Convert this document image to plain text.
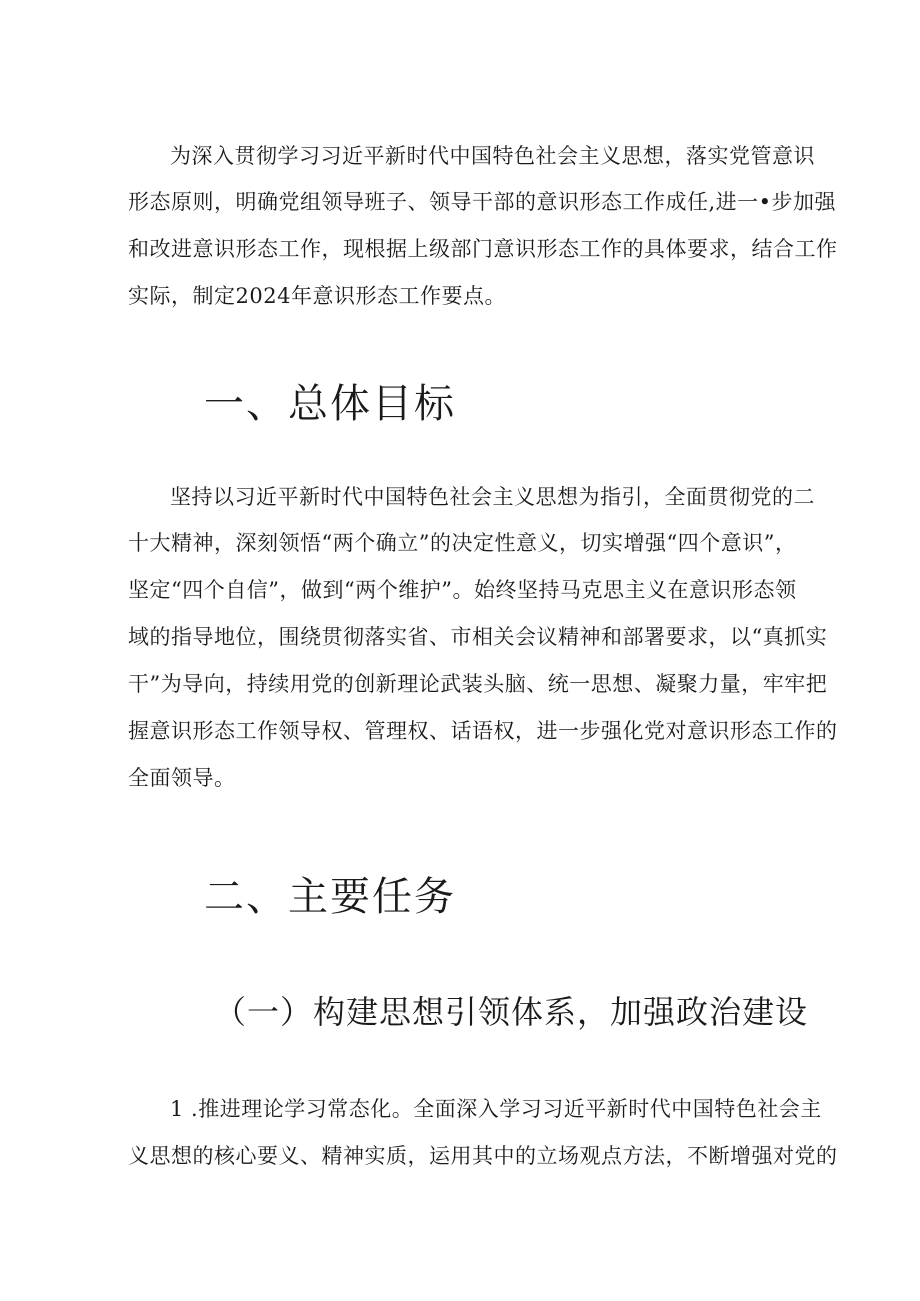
为深入贯彻学习习近平新时代中国特色社会主义思想，落实党管意识
形态原则，明确党组领导班子、领导干部的意识形态工作成任,进一•步加强
和改进意识形态工作，现根据上级部门意识形态工作的具体要求，结合工作
实际，制定2024年意识形态工作要点。
一、总体目标
坚持以习近平新时代中国特色社会主义思想为指引，全面贯彻党的二
十大精神，深刻领悟“两个确立”的决定性意义，切实增强“四个意识”，
坚定“四个自信”，做到“两个维护”。始终坚持马克思主义在意识形态领
域的指导地位，围绕贯彻落实省、市相关会议精神和部署要求，以“真抓实
干”为导向，持续用党的创新理论武装头脑、统一思想、凝聚力量，牢牢把
握意识形态工作领导权、管理权、话语权，进一步强化党对意识形态工作的
全面领导。
二、主要任务
（一）构建思想引领体系，加强政治建设
1 .推进理论学习常态化。全面深入学习习近平新时代中国特色社会主
义思想的核心要义、精神实质，运用其中的立场观点方法，不断增强对党的
